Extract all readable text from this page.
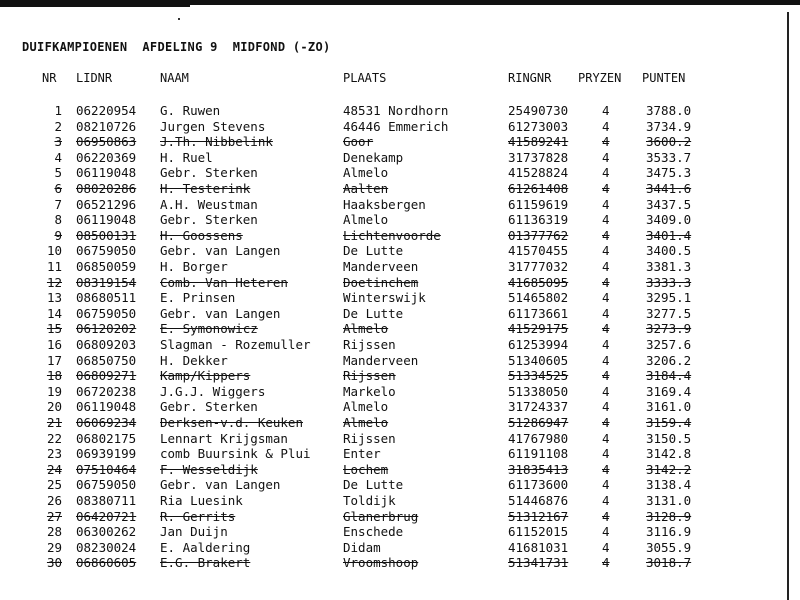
DUIFKAMPIOENEN  AFDELING 9  MIDFOND (-ZO)
NR LIDNR	NAAM	PLAATS	RINGNR PRYZEN PUNTEN
1 06220954 G. Ruwen	48531 Nordhorn	25490730	4	3788.0
2 08210726 Jurgen Stevens	46446 Emmerich	61273003	4	3734.9
3 06950863 J.Th. Nibbelink	Goor	41589241	4	3600.2
4 06220369 H. Ruel	Denekamp	31737828	4	3533.7
5 06119048 Gebr. Sterken	Almelo	41528824	4	3475.3
6 08020286 H. Testerink	Aalten	61261408	4	3441.6
7 06521296 A.H. Weustman	Haaksbergen	61159619	4	3437.5
8 06119048 Gebr. Sterken	Almelo	61136319	4	3409.0
9 08500131 H. Goossens	Lichtenvoorde	01377762	4	3401.4
10 06759050 Gebr. van Langen	De Lutte	41570455	4	3400.5
11 06850059 H. Borger	Manderveen	31777032	4	3381.3
12 08319154 Comb. Van Heteren	Doetinchem	41685095	4	3333.3
13 08680511 E. Prinsen	Winterswijk	51465802	4	3295.1
14 06759050 Gebr. van Langen	De Lutte	61173661	4	3277.5
15 06120202 E. Symonowicz	Almelo	41529175	4	3273.9
16 06809203 Slagman - Rozemuller	Rijssen	61253994	4	3257.6
17 06850750 H. Dekker	Manderveen	51340605	4	3206.2
18 06809271 Kamp/Kippers	Rijssen	51334525	4	3184.4
19 06720238 J.G.J. Wiggers	Markelo	51338050	4	3169.4
20 06119048 Gebr. Sterken	Almelo	31724337	4	3161.0
21 06069234 Derksen-v.d. Keuken	Almelo	51286947	4	3159.4
22 06802175 Lennart Krijgsman	Rijssen	41767980	4	3150.5
23 06939199 comb Buursink & Plui	Enter	61191108	4	3142.8
24 07510464 F. Wesseldijk	Lochem	31835413	4	3142.2
25 06759050 Gebr. van Langen	De Lutte	61173600	4	3138.4
26 08380711 Ria Luesink	Toldijk	51446876	4	3131.0
27 06420721 R. Gerrits	Glanerbrug	51312167	4	3128.9
28 06300262 Jan Duijn	Enschede	61152015	4	3116.9
29 08230024 E. Aaldering	Didam	41681031	4	3055.9
30 06860605 E.G. Brakert	Vroomshoop	51341731	4	3018.7
